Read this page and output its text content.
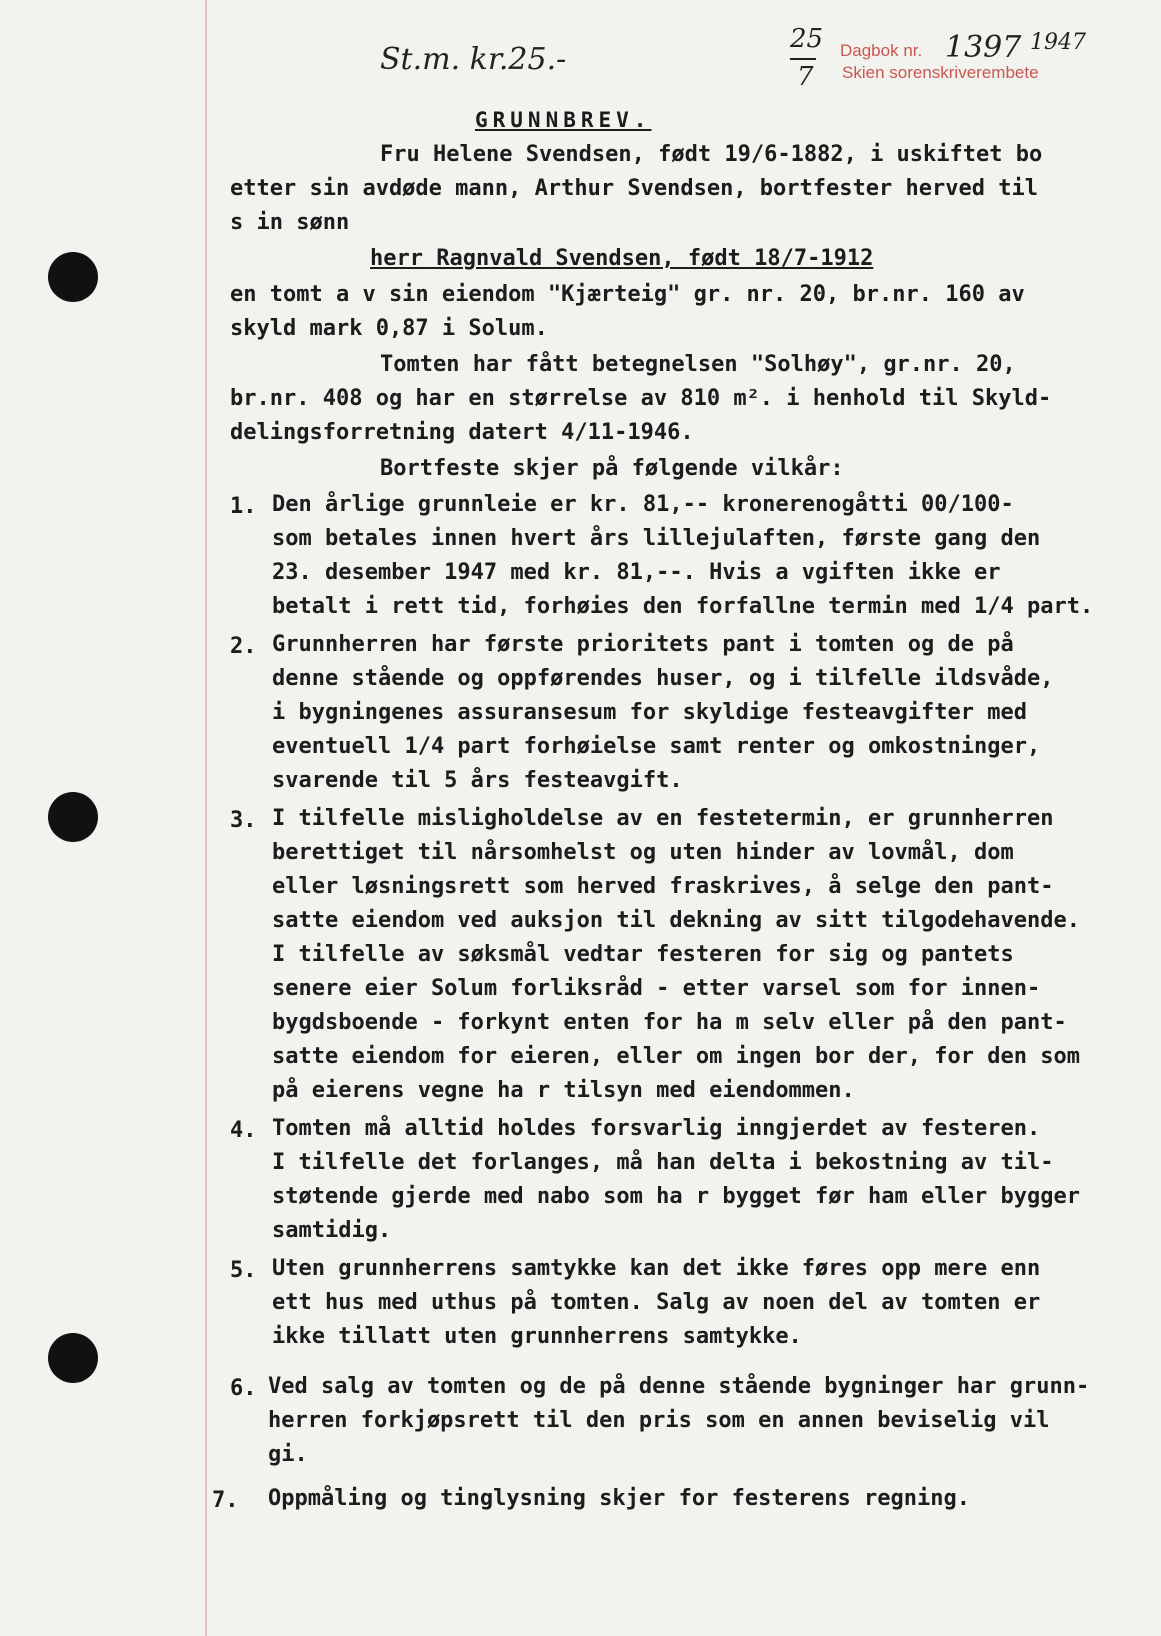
St.m. kr.25.-
25
7
Dagbok nr. 1397 1947
Skien sorenskriverembete
GRUNNBREV.
Fru Helene Svendsen, født 19/6-1882, i uskiftet bo
etter sin avdøde mann, Arthur Svendsen, bortfester herved til
s in sønn
herr Ragnvald Svendsen, født 18/7-1912
en tomt a v sin eiendom "Kjærteig" gr. nr. 20, br.nr. 160 av
skyld mark 0,87 i Solum.
Tomten har fått betegnelsen "Solhøy", gr.nr. 20,
br.nr. 408 og har en størrelse av 810 m². i henhold til Skyld-
delingsforretning datert 4/11-1946.
Bortfeste skjer på følgende vilkår:
1. Den årlige grunnleie er kr. 81,-- kronerenogåtti 00/100-
som betales innen hvert års lillejulaften, første gang den
23. desember 1947 med kr. 81,--. Hvis a vgiften ikke er
betalt i rett tid, forhøies den forfallne termin med 1/4 part.
2. Grunnherren har første prioritets pant i tomten og de på
denne stående og oppførendes huser, og i tilfelle ildsvåde,
i bygningenes assuransesum for skyldige festeavgifter med
eventuell 1/4 part forhøielse samt renter og omkostninger,
svarende til 5 års festeavgift.
3. I tilfelle misligholdelse av en festetermin, er grunnherren
berettiget til nårsomhelst og uten hinder av lovmål, dom
eller løsningsrett som herved fraskrives, å selge den pant-
satte eiendom ved auksjon til dekning av sitt tilgodehavende.
I tilfelle av søksmål vedtar festeren for sig og pantets
senere eier Solum forliksråd - etter varsel som for innen-
bygdsboende - forkynt enten for ha m selv eller på den pant-
satte eiendom for eieren, eller om ingen bor der, for den som
på eierens vegne ha r tilsyn med eiendommen.
4. Tomten må alltid holdes forsvarlig inngjerdet av festeren.
I tilfelle det forlanges, må han delta i bekostning av til-
støtende gjerde med nabo som ha r bygget før ham eller bygger
samtidig.
5. Uten grunnherrens samtykke kan det ikke føres opp mere enn
ett hus med uthus på tomten. Salg av noen del av tomten er
ikke tillatt uten grunnherrens samtykke.
6. Ved salg av tomten og de på denne stående bygninger har grunn-
herren forkjøpsrett til den pris som en annen beviselig vil
gi.
7. Oppmåling og tinglysning skjer for festerens regning.
